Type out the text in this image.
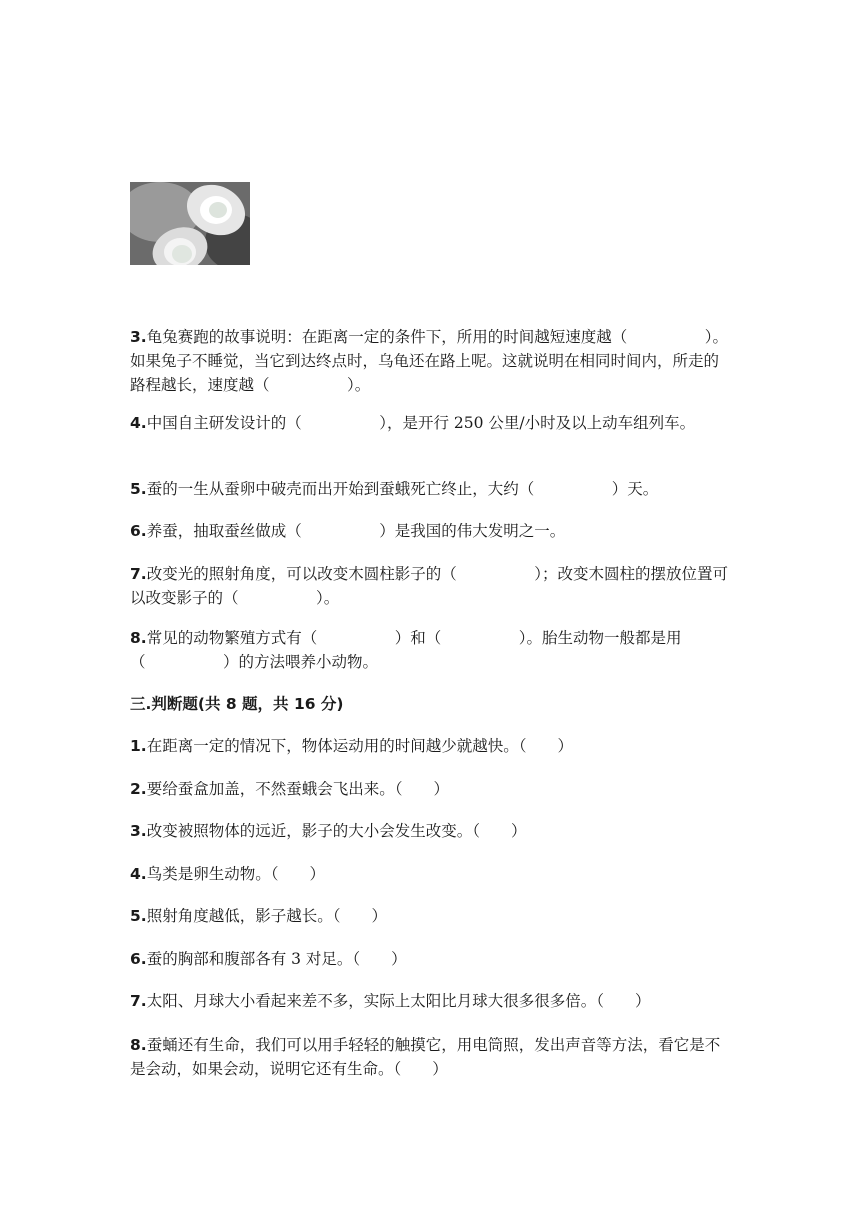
3.龟兔赛跑的故事说明：在距离一定的条件下，所用的时间越短速度越（　　　　　）。如果兔子不睡觉，当它到达终点时，乌龟还在路上呢。这就说明在相同时间内，所走的路程越长，速度越（　　　　　）。

4.中国自主研发设计的（　　　　　），是开行 250 公里/小时及以上动车组列车。

5.蚕的一生从蚕卵中破壳而出开始到蚕蛾死亡终止，大约（　　　　　）天。

6.养蚕，抽取蚕丝做成（　　　　　）是我国的伟大发明之一。

7.改变光的照射角度，可以改变木圆柱影子的（　　　　　）；改变木圆柱的摆放位置可以改变影子的（　　　　　）。

8.常见的动物繁殖方式有（　　　　　）和（　　　　　）。胎生动物一般都是用（　　　　　）的方法喂养小动物。

三.判断题(共 8 题，共 16 分)

1.在距离一定的情况下，物体运动用的时间越少就越快。（　　）

2.要给蚕盒加盖，不然蚕蛾会飞出来。（　　）

3.改变被照物体的远近，影子的大小会发生改变。（　　）

4.鸟类是卵生动物。（　　）

5.照射角度越低，影子越长。（　　）

6.蚕的胸部和腹部各有 3 对足。（　　）

7.太阳、月球大小看起来差不多，实际上太阳比月球大很多很多倍。（　　）

8.蚕蛹还有生命，我们可以用手轻轻的触摸它，用电筒照，发出声音等方法，看它是不是会动，如果会动，说明它还有生命。（　　）
